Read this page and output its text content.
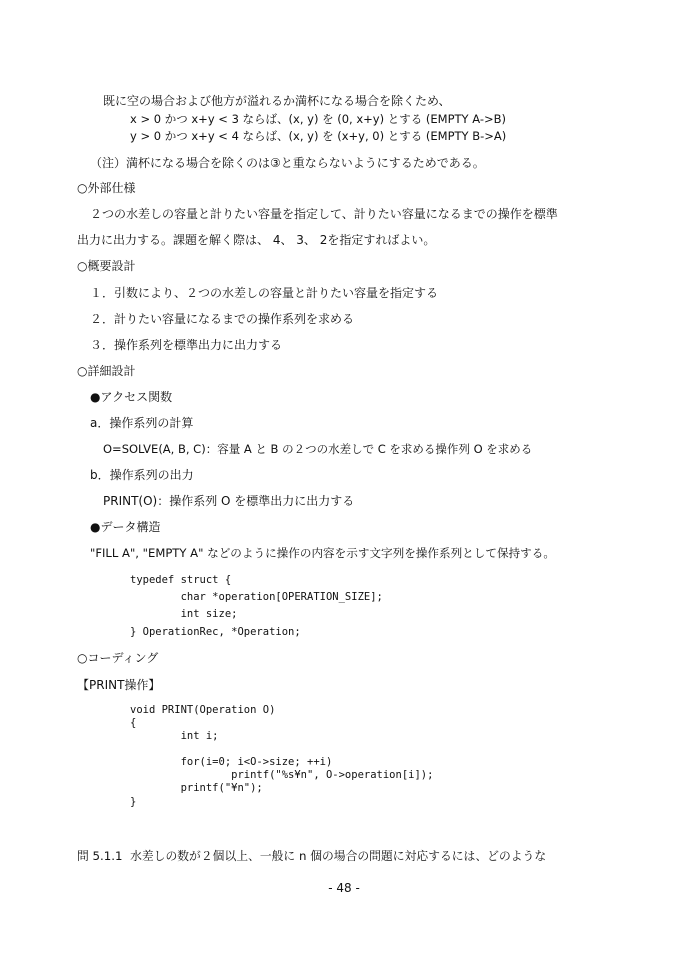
既に空の場合および他方が溢れるか満杯になる場合を除くため、
x > 0 かつ x+y < 3 ならば、(x, y) を (0, x+y) とする (EMPTY A->B)
y > 0 かつ x+y < 4 ならば、(x, y) を (x+y, 0) とする (EMPTY B->A)
（注）満杯になる場合を除くのは③と重ならないようにするためである。
○外部仕様
２つの水差しの容量と計りたい容量を指定して、計りたい容量になるまでの操作を標準
出力に出力する。課題を解く際は、 4、 3、 2を指定すればよい。
○概要設計
１．引数により、２つの水差しの容量と計りたい容量を指定する
２．計りたい容量になるまでの操作系列を求める
３．操作系列を標準出力に出力する
○詳細設計
●アクセス関数
a．操作系列の計算
O=SOLVE(A, B, C)：容量 A と B の２つの水差しで C を求める操作列 O を求める
b．操作系列の出力
PRINT(O)：操作系列 O を標準出力に出力する
●データ構造
"FILL A", "EMPTY A" などのように操作の内容を示す文字列を操作系列として保持する。
typedef struct {
char *operation[OPERATION_SIZE];
int size;
} OperationRec, *Operation;
○コーディング
【PRINT操作】
void PRINT(Operation O)
{
int i;
for(i=0; i<O->size; ++i)
printf("%s¥n", O->operation[i]);
printf("¥n");
}
問 5.1.1  水差しの数が２個以上、一般に n 個の場合の問題に対応するには、どのような
- 48 -
